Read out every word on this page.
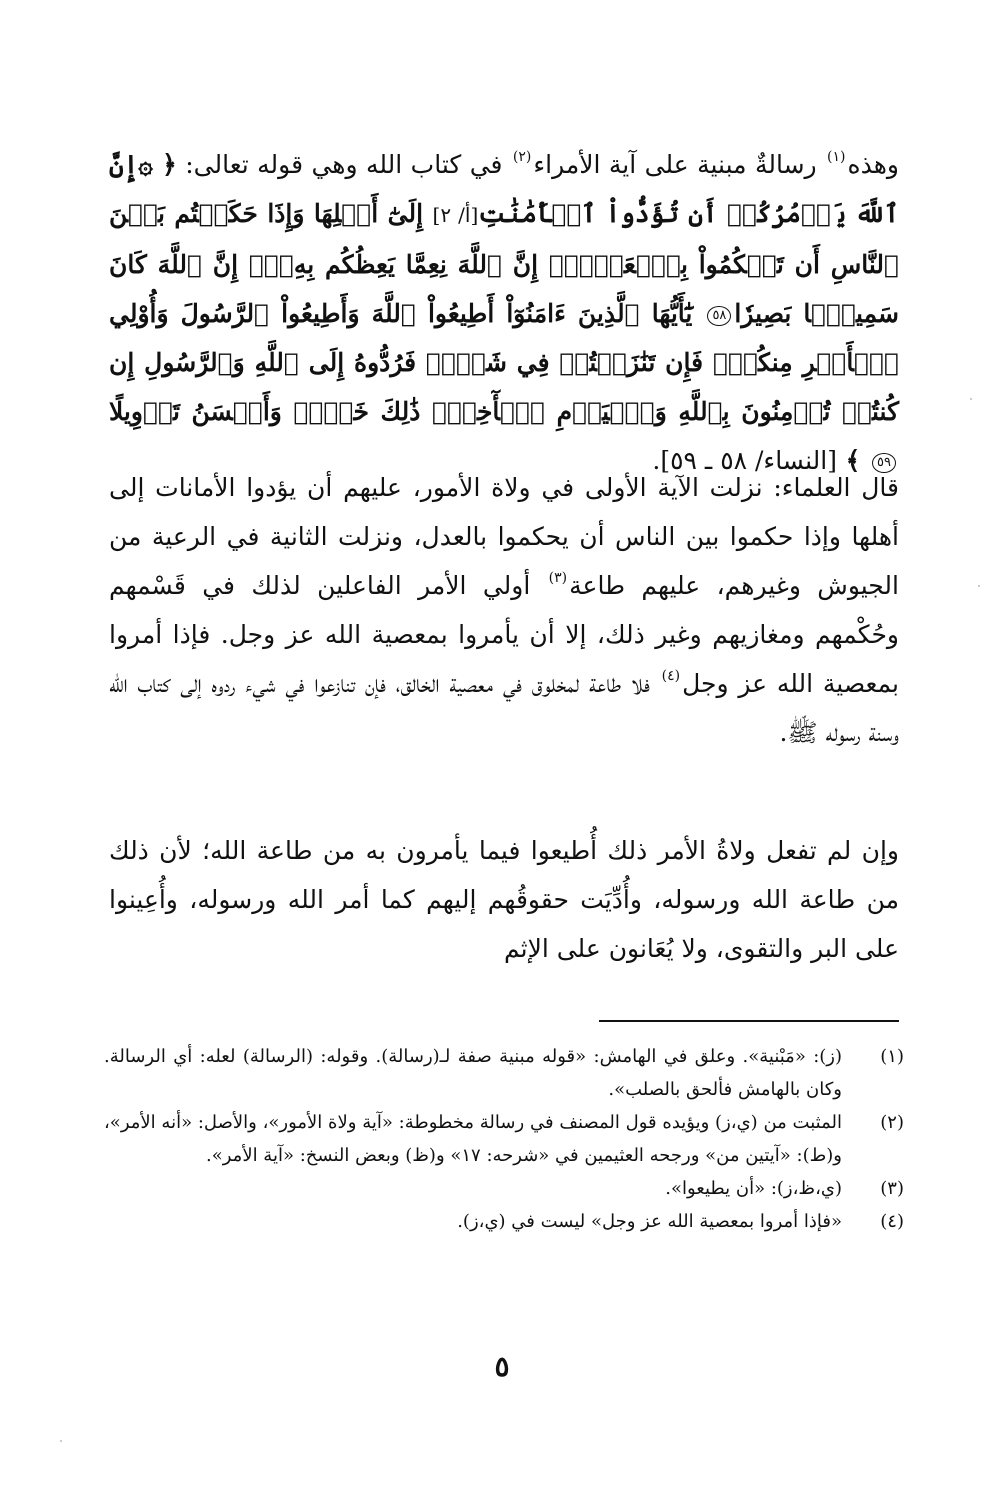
وهذه$^{(١)}$ رسالةٌ مبنية على آية الأمراء$^{(٢)}$ في كتاب الله وهي قوله تعالى: ﴿ ۞إِنَّ ٱللَّهَ يَأۡمُرُكُمۡ أَن تُؤَدُّواْ ٱلۡأَمَٰنَٰتِ[أ/ ٢] إِلَىٰٓ أَهۡلِهَا وَإِذَا حَكَمۡتُم بَيۡنَ ٱلنَّاسِ أَن تَحۡكُمُواْ بِٱلۡعَدۡلِۚ إِنَّ ٱللَّهَ نِعِمَّا يَعِظُكُم بِهِۦٓۗ إِنَّ ٱللَّهَ كَانَ سَمِيعَۢا بَصِيرٗا٥٨ يَٰٓأَيُّهَا ٱلَّذِينَ ءَامَنُوٓاْ أَطِيعُواْ ٱللَّهَ وَأَطِيعُواْ ٱلرَّسُولَ وَأُوْلِي ٱلۡأَمۡرِ مِنكُمۡۖ فَإِن تَنَٰزَعۡتُمۡ فِي شَيۡءٖ فَرُدُّوهُ إِلَى ٱللَّهِ وَٱلرَّسُولِ إِن كُنتُمۡ تُؤۡمِنُونَ بِٱللَّهِ وَٱلۡيَوۡمِ ٱلۡأٓخِرِۚ ذَٰلِكَ خَيۡرٞ وَأَحۡسَنُ تَأۡوِيلًا٥٩ ﴾ [النساء/ ٥٨ ـ ٥٩].

قال العلماء: نزلت الآية الأولى في ولاة الأمور، عليهم أن يؤدوا الأمانات إلى أهلها وإذا حكموا بين الناس أن يحكموا بالعدل، ونزلت الثانية في الرعية من الجيوش وغيرهم، عليهم طاعة$^{(٣)}$ أولي الأمر الفاعلين لذلك في قَسْمهم وحُكْمهم ومغازيهم وغير ذلك، إلا أن يأمروا بمعصية الله عز وجل. فإذا أمروا بمعصية الله عز وجل$^{(٤)}$ فلا طاعة لمخلوق في معصية الخالق، فإن تنازعوا في شيء ردوه إلى كتاب الله وسنة رسوله ﷺ.

وإن لم تفعل ولاةُ الأمر ذلك أُطيعوا فيما يأمرون به من طاعة الله؛ لأن ذلك من طاعة الله ورسوله، وأُدِّيَت حقوقُهم إليهم كما أمر الله ورسوله، وأُعِينوا على البر والتقوى، ولا يُعَانون على الإثم

(١)
(ز): «مَبْنية». وعلق في الهامش: «قوله مبنية صفة لـ(رسالة). وقوله: (الرسالة) لعله: أي الرسالة. وكان بالهامش فألحق بالصلب».

(٢)
المثبت من (ي،ز) ويؤيده قول المصنف في رسالة مخطوطة: «آية ولاة الأمور»، والأصل: «أنه الأمر»، و(ط): «آيتين من» ورجحه العثيمين في «شرحه: ١٧» و(ظ) وبعض النسخ: «آية الأمر».

(٣)
(ي،ظ،ز): «أن يطيعوا».

(٤)
«فإذا أمروا بمعصية الله عز وجل» ليست في (ي،ز).

٥
